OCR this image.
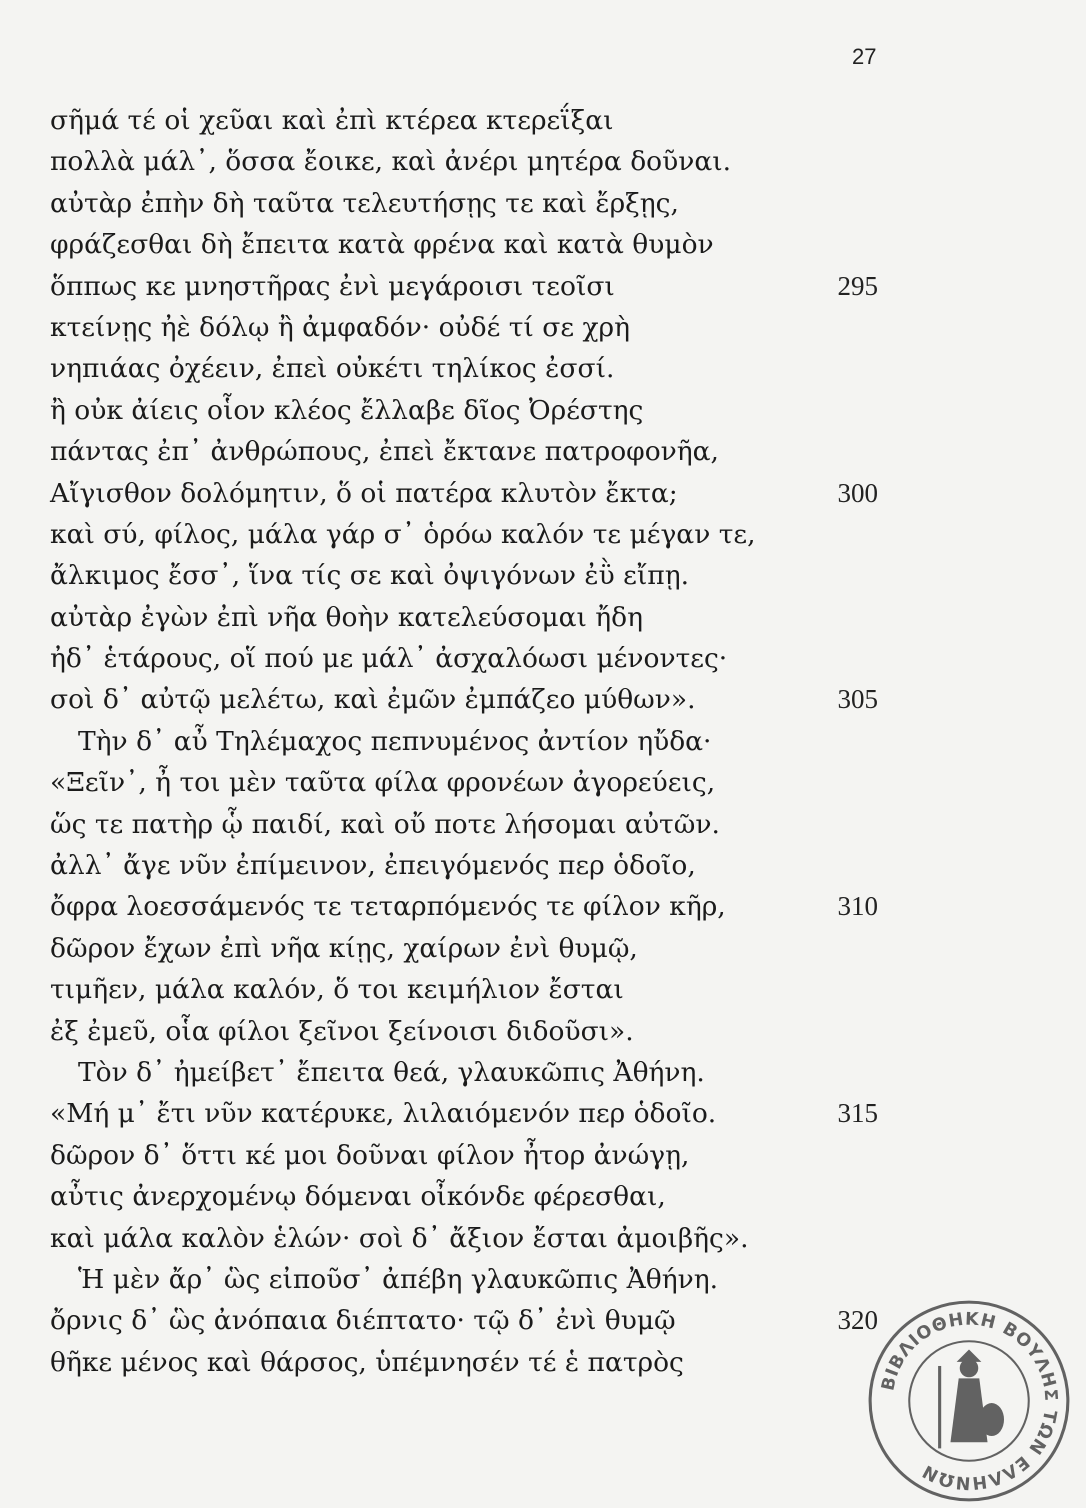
27
σῆμά τέ οἱ χεῦαι καὶ ἐπὶ κτέρεα κτερεΐξαι
πολλὰ μάλ᾽, ὅσσα ἔοικε, καὶ ἀνέρι μητέρα δοῦναι.
αὐτὰρ ἐπὴν δὴ ταῦτα τελευτήσῃς τε καὶ ἔρξῃς,
φράζεσθαι δὴ ἔπειτα κατὰ φρένα καὶ κατὰ θυμὸν
ὅππως κε μνηστῆρας ἐνὶ μεγάροισι τεοῖσι	295
κτείνῃς ἠὲ δόλῳ ἢ ἀμφαδόν· οὐδέ τί σε χρὴ
νηπιάας ὀχέειν, ἐπεὶ οὐκέτι τηλίκος ἐσσί.
ἢ οὐκ ἀίεις οἷον κλέος ἔλλαβε δῖος Ὀρέστης
πάντας ἐπ᾽ ἀνθρώπους, ἐπεὶ ἔκτανε πατροφονῆα,
Αἴγισθον δολόμητιν, ὅ οἱ πατέρα κλυτὸν ἔκτα;	300
καὶ σύ, φίλος, μάλα γάρ σ᾽ ὁρόω καλόν τε μέγαν τε,
ἄλκιμος ἔσσ᾽, ἵνα τίς σε καὶ ὀψιγόνων ἐῢ εἴπῃ.
αὐτὰρ ἐγὼν ἐπὶ νῆα θοὴν κατελεύσομαι ἤδη
ἠδ᾽ ἑτάρους, οἵ πού με μάλ᾽ ἀσχαλόωσι μένοντες·
σοὶ δ᾽ αὐτῷ μελέτω, καὶ ἐμῶν ἐμπάζεο μύθων».	305
Τὴν δ᾽ αὖ Τηλέμαχος πεπνυμένος ἀντίον ηὔδα·
«Ξεῖν᾽, ἦ τοι μὲν ταῦτα φίλα φρονέων ἀγορεύεις,
ὥς τε πατὴρ ᾧ παιδί, καὶ οὔ ποτε λήσομαι αὐτῶν.
ἀλλ᾽ ἄγε νῦν ἐπίμεινον, ἐπειγόμενός περ ὁδοῖο,
ὄφρα λοεσσάμενός τε τεταρπόμενός τε φίλον κῆρ,	310
δῶρον ἔχων ἐπὶ νῆα κίῃς, χαίρων ἐνὶ θυμῷ,
τιμῆεν, μάλα καλόν, ὅ τοι κειμήλιον ἔσται
ἐξ ἐμεῦ, οἷα φίλοι ξεῖνοι ξείνοισι διδοῦσι».
Τὸν δ᾽ ἠμείβετ᾽ ἔπειτα θεά, γλαυκῶπις Ἀθήνη.
«Μή μ᾽ ἔτι νῦν κατέρυκε, λιλαιόμενόν περ ὁδοῖο.	315
δῶρον δ᾽ ὅττι κέ μοι δοῦναι φίλον ἦτορ ἀνώγῃ,
αὖτις ἀνερχομένῳ δόμεναι οἶκόνδε φέρεσθαι,
καὶ μάλα καλὸν ἑλών· σοὶ δ᾽ ἄξιον ἔσται ἀμοιβῆς».
Ἡ μὲν ἄρ᾽ ὣς εἰποῦσ᾽ ἀπέβη γλαυκῶπις Ἀθήνη.
ὄρνις δ᾽ ὣς ἀνόπαια διέπτατο· τῷ δ᾽ ἐνὶ θυμῷ	320
θῆκε μένος καὶ θάρσος, ὑπέμνησέν τέ ἑ πατρὸς
ΒΙΒΛΙΟΘΗΚΗ ΒΟΥΛΗΣ ΤΩΝ ΕΛΛΗΝΩΝ
